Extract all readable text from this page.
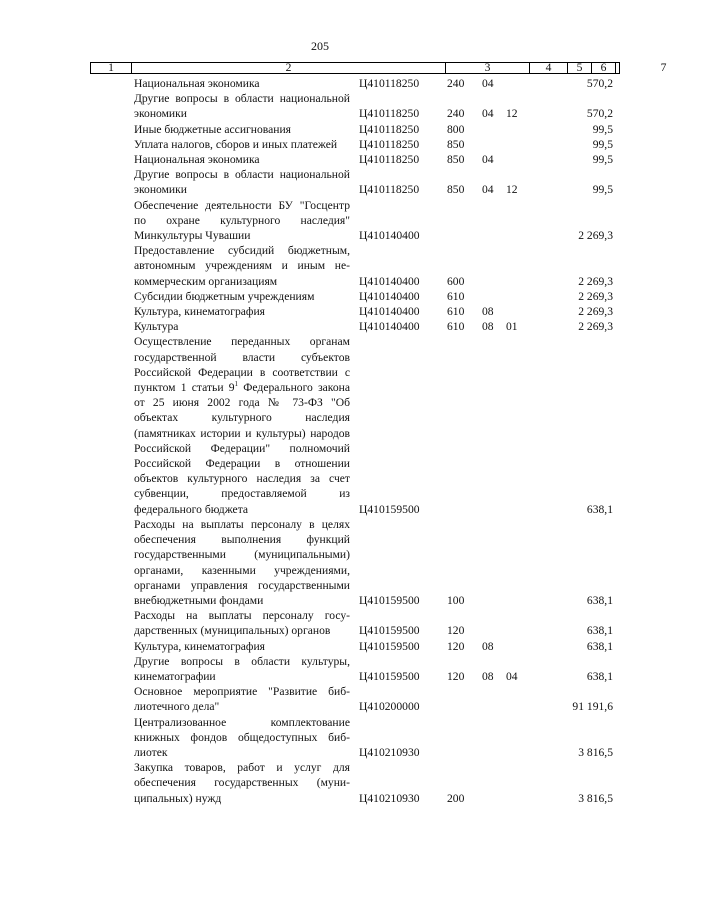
205
1	2	3	4	5	6	7
Национальная экономика	Ц410118250 240 04	570,2
Другие вопросы в области национальной экономики	Ц410118250 240 04 12	570,2
Иные бюджетные ассигнования	Ц410118250 800	99,5
Уплата налогов, сборов и иных платежей	Ц410118250 850	99,5
Национальная экономика	Ц410118250 850 04	99,5
Другие вопросы в области национальной экономики	Ц410118250 850 04 12	99,5
Обеспечение деятельности БУ "Госцентр по охране культурного наследия" Минкультуры Чувашии	Ц410140400	2 269,3
Предоставление субсидий бюджетным, автономным учреждениям и иным некоммерческим организациям	Ц410140400 600	2 269,3
Субсидии бюджетным учреждениям	Ц410140400 610	2 269,3
Культура, кинематография	Ц410140400 610 08	2 269,3
Культура	Ц410140400 610 08 01	2 269,3
Осуществление переданных органам государственной власти субъектов Российской Федерации в соответствии с пунктом 1 статьи $9^1$ Федерального закона от 25 июня 2002 года № 73-ФЗ "Об объектах культурного наследия (памятниках истории и культуры) народов Российской Федерации" полномочий Российской Федерации в отношении объектов культурного наследия за счет субвенции, предоставляемой из федерального бюджета	Ц410159500	638,1
Расходы на выплаты персоналу в целях обеспечения выполнения функций государственными (муниципальными) органами, казенными учреждениями, органами управления государственными внебюджетными фондами	Ц410159500 100	638,1
Расходы на выплаты персоналу государственных (муниципальных) органов	Ц410159500 120	638,1
Культура, кинематография	Ц410159500 120 08	638,1
Другие вопросы в области культуры, кинематографии	Ц410159500 120 08 04	638,1
Основное мероприятие "Развитие библиотечного дела"	Ц410200000	91 191,6
Централизованное комплектование книжных фондов общедоступных библиотек	Ц410210930	3 816,5
Закупка товаров, работ и услуг для обеспечения государственных (муниципальных) нужд	Ц410210930 200	3 816,5
